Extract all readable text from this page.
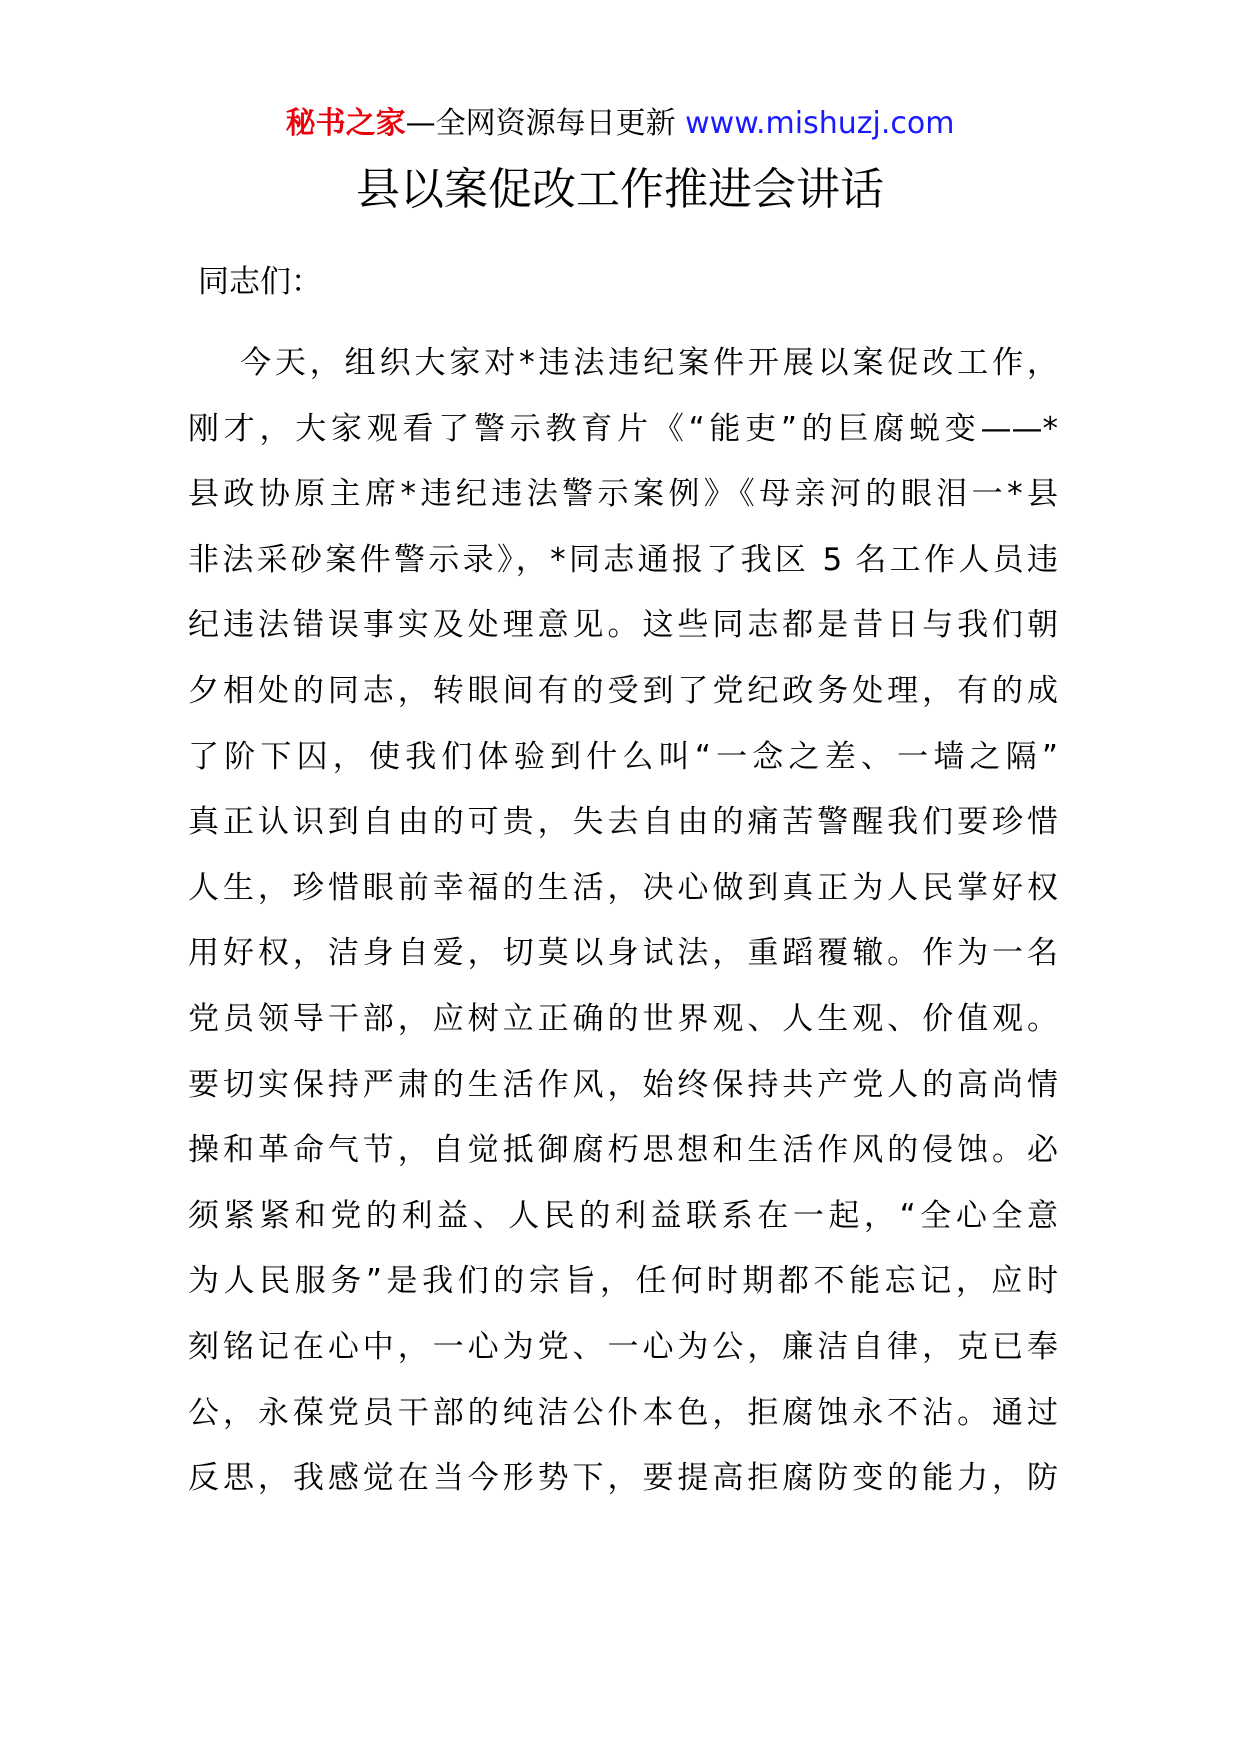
秘书之家—全网资源每日更新 www.mishuzj.com
县以案促改工作推进会讲话
同志们：
今天，组织大家对*违法违纪案件开展以案促改工作，
刚才，大家观看了警示教育片《“能吏”的巨腐蜕变——*
县政协原主席*违纪违法警示案例》《母亲河的眼泪一*县
非法采砂案件警示录》，*同志通报了我区 5 名工作人员违
纪违法错误事实及处理意见。这些同志都是昔日与我们朝
夕相处的同志，转眼间有的受到了党纪政务处理，有的成
了阶下囚，使我们体验到什么叫“一念之差、一墙之隔”
真正认识到自由的可贵，失去自由的痛苦警醒我们要珍惜
人生，珍惜眼前幸福的生活，决心做到真正为人民掌好权
用好权，洁身自爱，切莫以身试法，重蹈覆辙。作为一名
党员领导干部，应树立正确的世界观、人生观、价值观。
要切实保持严肃的生活作风，始终保持共产党人的高尚情
操和革命气节，自觉抵御腐朽思想和生活作风的侵蚀。必
须紧紧和党的利益、人民的利益联系在一起，“全心全意
为人民服务”是我们的宗旨，任何时期都不能忘记，应时
刻铭记在心中，一心为党、一心为公，廉洁自律，克已奉
公，永葆党员干部的纯洁公仆本色，拒腐蚀永不沾。通过
反思，我感觉在当今形势下，要提高拒腐防变的能力，防
